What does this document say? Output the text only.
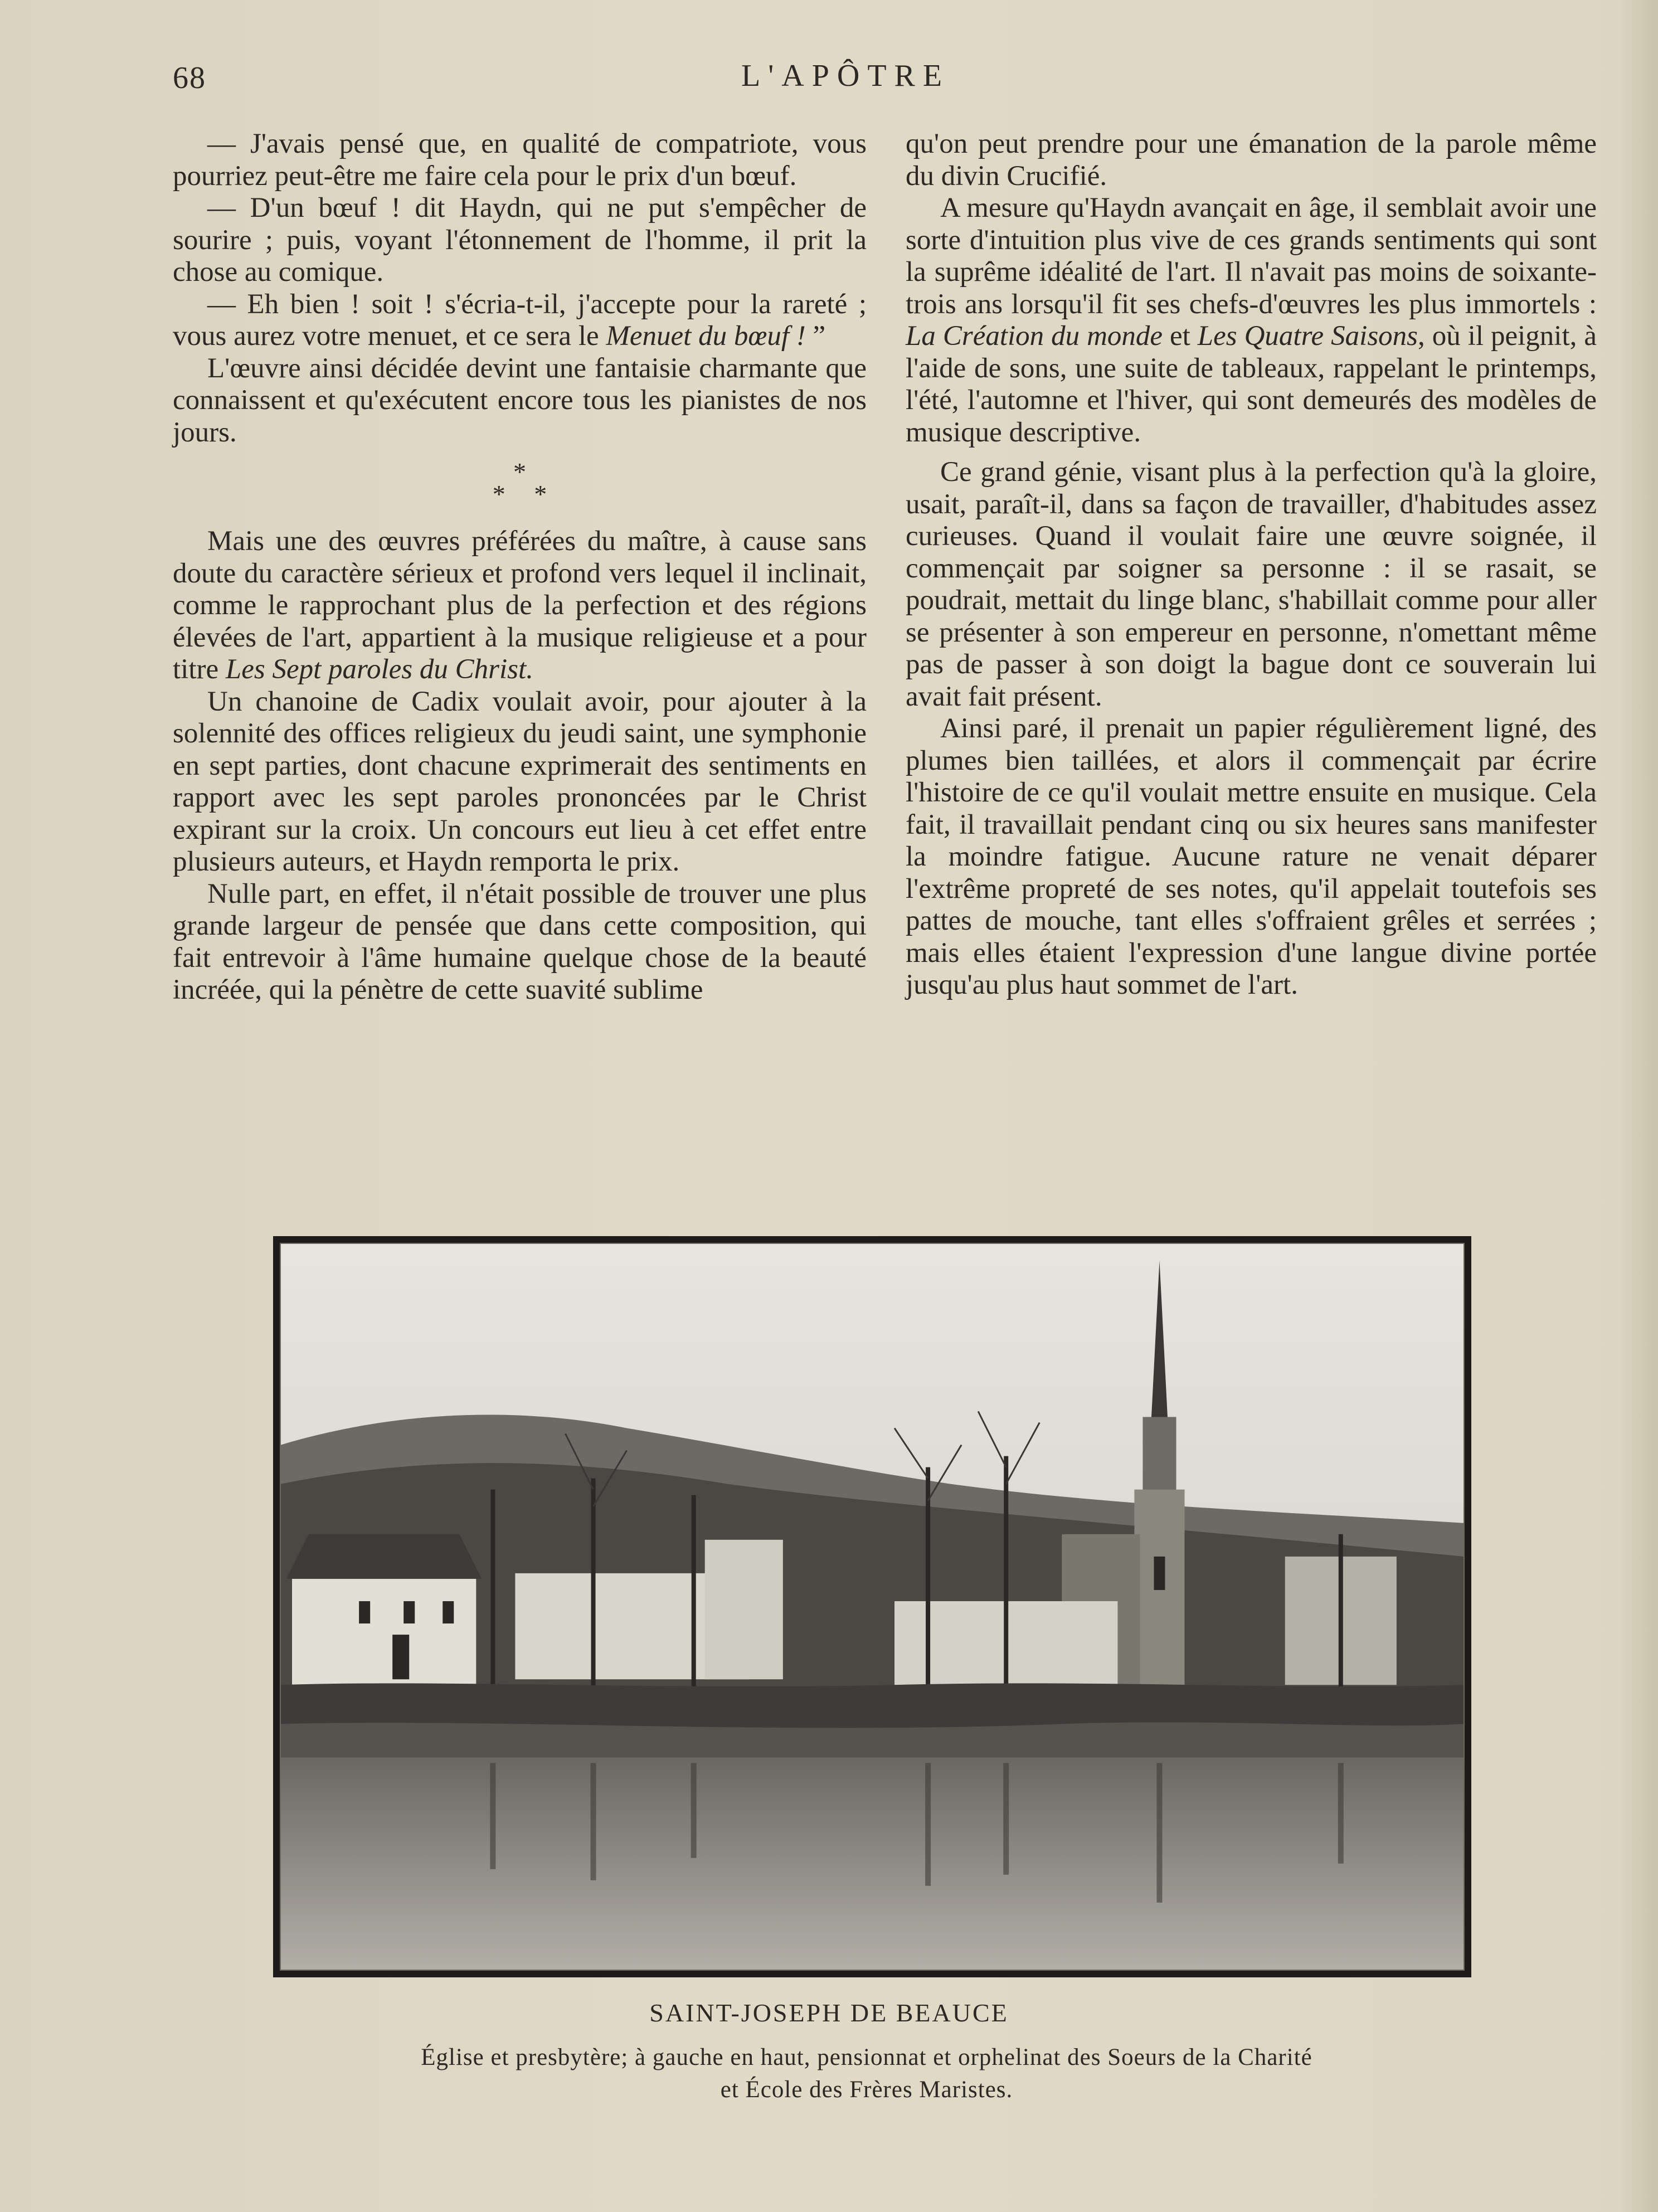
68	L'APÔTRE

— J'avais pensé que, en qualité de compatriote, vous pourriez peut-être me faire cela pour le prix d'un bœuf.

— D'un bœuf ! dit Haydn, qui ne put s'empêcher de sourire ; puis, voyant l'étonnement de l'homme, il prit la chose au comique.

— Eh bien ! soit ! s'écria-t-il, j'accepte pour la rareté ; vous aurez votre menuet, et ce sera le Menuet du bœuf ! ”

L'œuvre ainsi décidée devint une fantaisie charmante que connaissent et qu'exécutent encore tous les pianistes de nos jours.

*
* *

Mais une des œuvres préférées du maître, à cause sans doute du caractère sérieux et profond vers lequel il inclinait, comme le rapprochant plus de la perfection et des régions élevées de l'art, appartient à la musique religieuse et a pour titre Les Sept paroles du Christ.

Un chanoine de Cadix voulait avoir, pour ajouter à la solennité des offices religieux du jeudi saint, une symphonie en sept parties, dont chacune exprimerait des sentiments en rapport avec les sept paroles prononcées par le Christ expirant sur la croix. Un concours eut lieu à cet effet entre plusieurs auteurs, et Haydn remporta le prix.

Nulle part, en effet, il n'était possible de trouver une plus grande largeur de pensée que dans cette composition, qui fait entrevoir à l'âme humaine quelque chose de la beauté incréée, qui la pénètre de cette suavité sublime

qu'on peut prendre pour une émanation de la parole même du divin Crucifié.

A mesure qu'Haydn avançait en âge, il semblait avoir une sorte d'intuition plus vive de ces grands sentiments qui sont la suprême idéalité de l'art. Il n'avait pas moins de soixante-trois ans lorsqu'il fit ses chefs-d'œuvres les plus immortels : La Création du monde et Les Quatre Saisons, où il peignit, à l'aide de sons, une suite de tableaux, rappelant le printemps, l'été, l'automne et l'hiver, qui sont demeurés des modèles de musique descriptive.

Ce grand génie, visant plus à la perfection qu'à la gloire, usait, paraît-il, dans sa façon de travailler, d'habitudes assez curieuses. Quand il voulait faire une œuvre soignée, il commençait par soigner sa personne : il se rasait, se poudrait, mettait du linge blanc, s'habillait comme pour aller se présenter à son empereur en personne, n'omettant même pas de passer à son doigt la bague dont ce souverain lui avait fait présent.

Ainsi paré, il prenait un papier régulièrement ligné, des plumes bien taillées, et alors il commençait par écrire l'histoire de ce qu'il voulait mettre ensuite en musique. Cela fait, il travaillait pendant cinq ou six heures sans manifester la moindre fatigue. Aucune rature ne venait déparer l'extrême propreté de ses notes, qu'il appelait toutefois ses pattes de mouche, tant elles s'offraient grêles et serrées ; mais elles étaient l'expression d'une langue divine portée jusqu'au plus haut sommet de l'art.

SAINT-JOSEPH DE BEAUCE
Église et presbytère; à gauche en haut, pensionnat et orphelinat des Soeurs de la Charité
et École des Frères Maristes.
